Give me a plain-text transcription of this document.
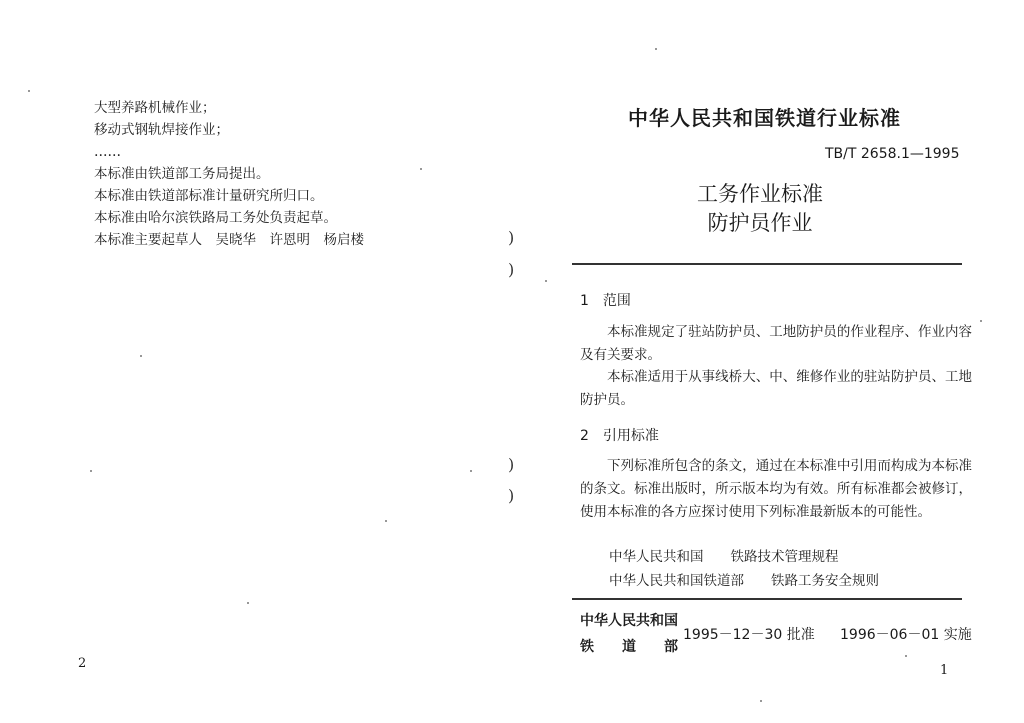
大型养路机械作业；
移动式钢轨焊接作业；
……
本标准由铁道部工务局提出。
本标准由铁道部标准计量研究所归口。
本标准由哈尔滨铁路局工务处负责起草。
本标准主要起草人　吴晓华　许恩明　杨启楼
2
)
)
)
)
中华人民共和国铁道行业标准
TB/T 2658.1—1995
工务作业标准
防护员作业
1　范围
本标准规定了驻站防护员、工地防护员的作业程序、作业内容及有关要求。
本标准适用于从事线桥大、中、维修作业的驻站防护员、工地防护员。
2　引用标准
下列标准所包含的条文，通过在本标准中引用而构成为本标准的条文。标准出版时，所示版本均为有效。所有标准都会被修订，使用本标准的各方应探讨使用下列标准最新版本的可能性。
中华人民共和国　　铁路技术管理规程
中华人民共和国铁道部　　铁路工务安全规则
中华人民共和国
铁　　道　　部
1995－12－30 批准 1996－06－01 实施
1
